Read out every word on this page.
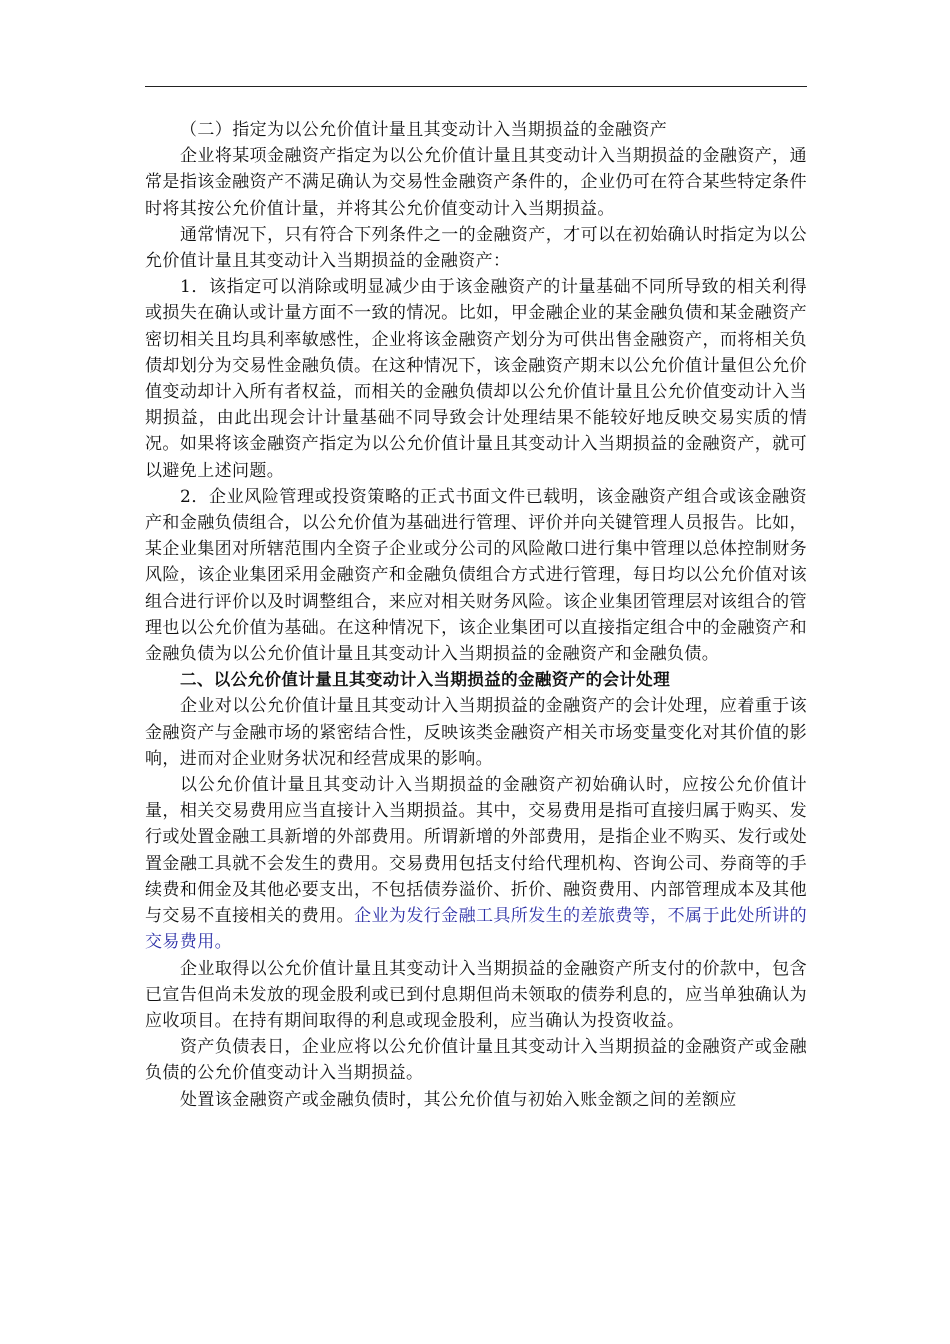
（二）指定为以公允价值计量且其变动计入当期损益的金融资产

企业将某项金融资产指定为以公允价值计量且其变动计入当期损益的金融资产，通常是指该金融资产不满足确认为交易性金融资产条件的，企业仍可在符合某些特定条件时将其按公允价值计量，并将其公允价值变动计入当期损益。

通常情况下，只有符合下列条件之一的金融资产，才可以在初始确认时指定为以公允价值计量且其变动计入当期损益的金融资产：

1．该指定可以消除或明显减少由于该金融资产的计量基础不同所导致的相关利得或损失在确认或计量方面不一致的情况。比如，甲金融企业的某金融负债和某金融资产密切相关且均具利率敏感性，企业将该金融资产划分为可供出售金融资产，而将相关负债却划分为交易性金融负债。在这种情况下，该金融资产期末以公允价值计量但公允价值变动却计入所有者权益，而相关的金融负债却以公允价值计量且公允价值变动计入当期损益，由此出现会计计量基础不同导致会计处理结果不能较好地反映交易实质的情况。如果将该金融资产指定为以公允价值计量且其变动计入当期损益的金融资产，就可以避免上述问题。

2．企业风险管理或投资策略的正式书面文件已载明，该金融资产组合或该金融资产和金融负债组合，以公允价值为基础进行管理、评价并向关键管理人员报告。比如，某企业集团对所辖范围内全资子企业或分公司的风险敞口进行集中管理以总体控制财务风险，该企业集团采用金融资产和金融负债组合方式进行管理，每日均以公允价值对该组合进行评价以及时调整组合，来应对相关财务风险。该企业集团管理层对该组合的管理也以公允价值为基础。在这种情况下，该企业集团可以直接指定组合中的金融资产和金融负债为以公允价值计量且其变动计入当期损益的金融资产和金融负债。

二、以公允价值计量且其变动计入当期损益的金融资产的会计处理

企业对以公允价值计量且其变动计入当期损益的金融资产的会计处理，应着重于该金融资产与金融市场的紧密结合性，反映该类金融资产相关市场变量变化对其价值的影响，进而对企业财务状况和经营成果的影响。

以公允价值计量且其变动计入当期损益的金融资产初始确认时，应按公允价值计量，相关交易费用应当直接计入当期损益。其中，交易费用是指可直接归属于购买、发行或处置金融工具新增的外部费用。所谓新增的外部费用，是指企业不购买、发行或处置金融工具就不会发生的费用。交易费用包括支付给代理机构、咨询公司、券商等的手续费和佣金及其他必要支出，不包括债券溢价、折价、融资费用、内部管理成本及其他与交易不直接相关的费用。企业为发行金融工具所发生的差旅费等，不属于此处所讲的交易费用。

企业取得以公允价值计量且其变动计入当期损益的金融资产所支付的价款中，包含已宣告但尚未发放的现金股利或已到付息期但尚未领取的债券利息的，应当单独确认为应收项目。在持有期间取得的利息或现金股利，应当确认为投资收益。

资产负债表日，企业应将以公允价值计量且其变动计入当期损益的金融资产或金融负债的公允价值变动计入当期损益。

处置该金融资产或金融负债时，其公允价值与初始入账金额之间的差额应
